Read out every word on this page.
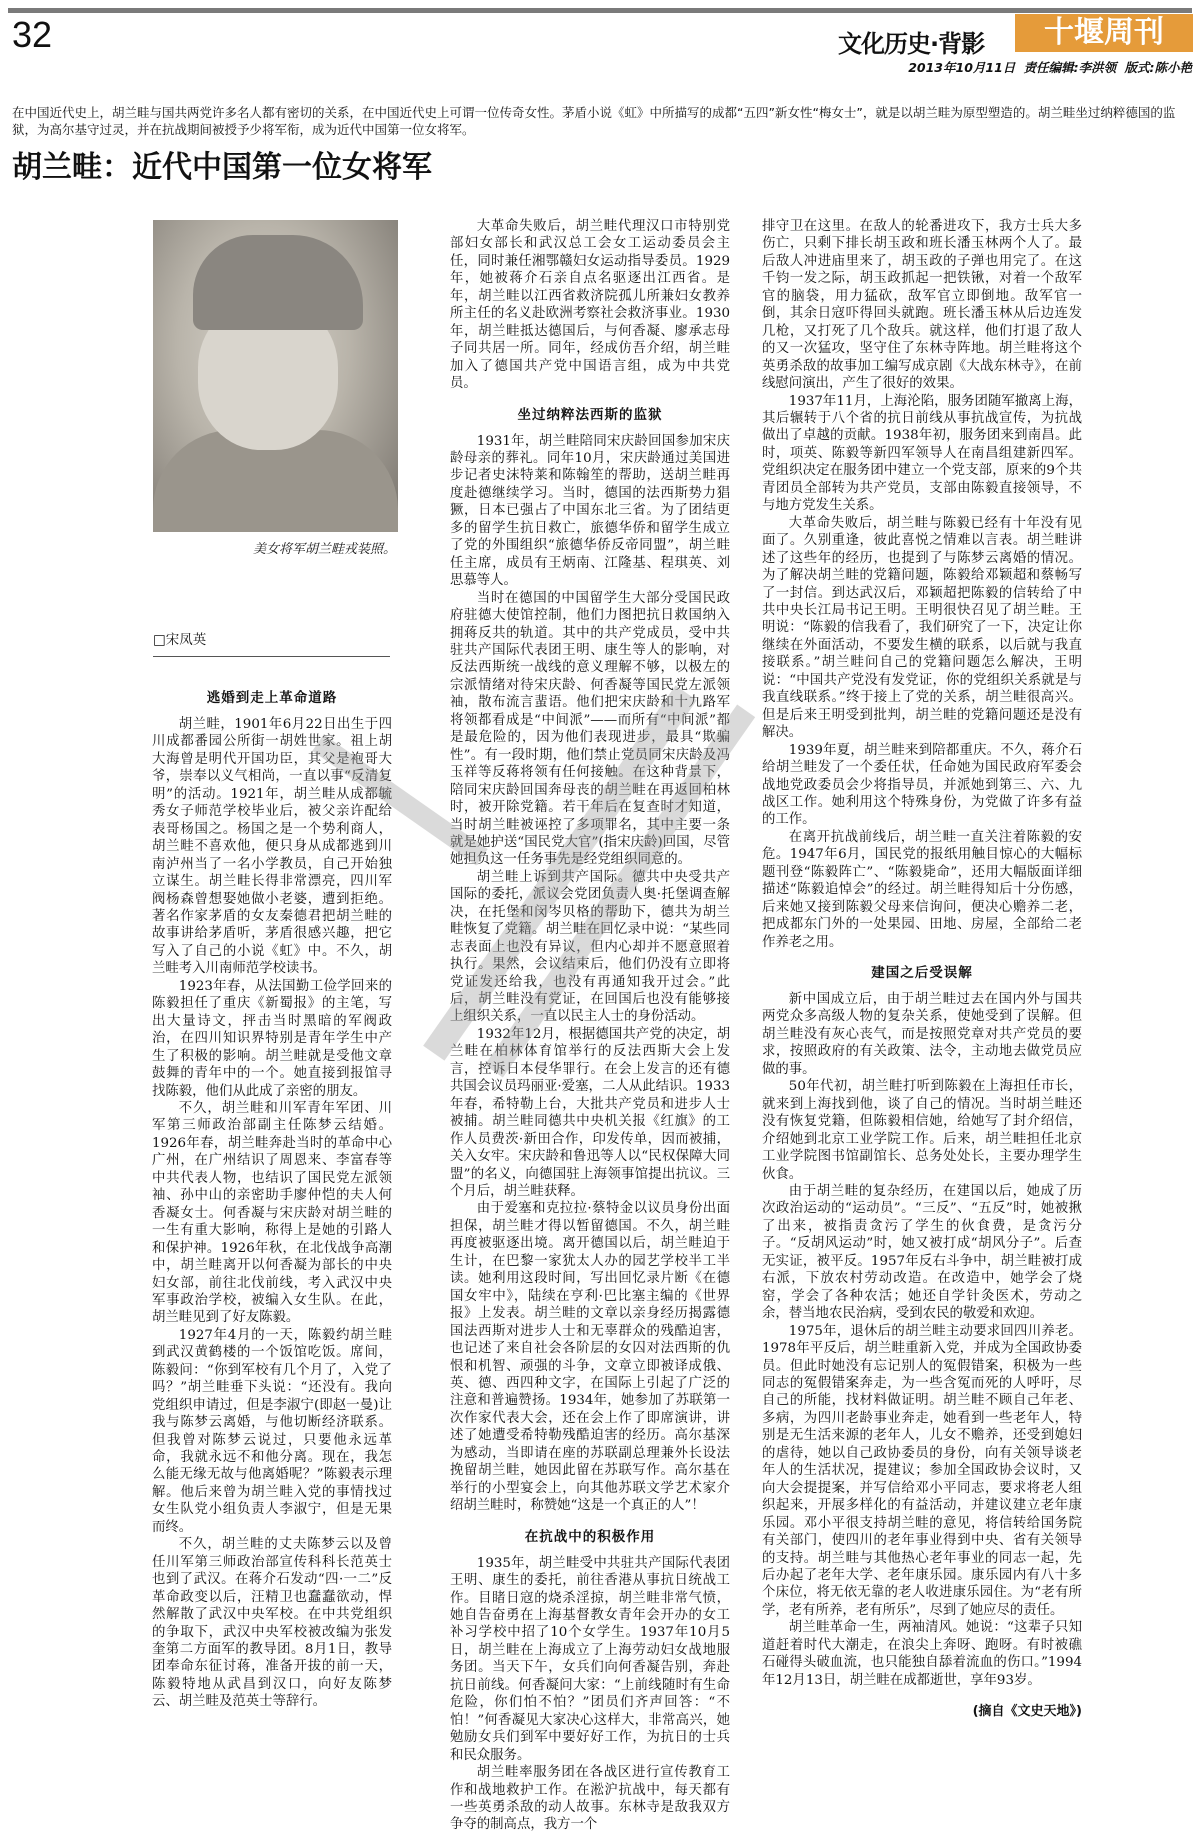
32	文化历史·背影	十堰周刊
2013年10月11日 责任编辑:李洪领 版式:陈小艳
在中国近代史上，胡兰畦与国共两党许多名人都有密切的关系，在中国近代史上可谓一位传奇女性。茅盾小说《虹》中所描写的成都“五四”新女性“梅女士”，就是以胡兰畦为原型塑造的。胡兰畦坐过纳粹德国的监狱，为高尔基守过灵，并在抗战期间被授予少将军衔，成为近代中国第一位女将军。
胡兰畦：近代中国第一位女将军
美女将军胡兰畦戎装照。
□宋凤英
逃婚到走上革命道路

胡兰畦，1901年6月22日出生于四川成都番园公所街一胡姓世家。祖上胡大海曾是明代开国功臣，其父是袍哥大爷，崇奉以义气相尚，一直以事“反清复明”的活动。1921年，胡兰畦从成都毓秀女子师范学校毕业后，被父亲许配给表哥杨国之。杨国之是一个势利商人，胡兰畦不喜欢他，便只身从成都逃到川南泸州当了一名小学教员，自己开始独立谋生。胡兰畦长得非常漂亮，四川军阀杨森曾想娶她做小老婆，遭到拒绝。著名作家茅盾的女友秦德君把胡兰畦的故事讲给茅盾听，茅盾很感兴趣，把它写入了自己的小说《虹》中。不久，胡兰畦考入川南师范学校读书。

1923年春，从法国勤工俭学回来的陈毅担任了重庆《新蜀报》的主笔，写出大量诗文，抨击当时黑暗的军阀政治，在四川知识界特别是青年学生中产生了积极的影响。胡兰畦就是受他文章鼓舞的青年中的一个。她直接到报馆寻找陈毅，他们从此成了亲密的朋友。

不久，胡兰畦和川军青年军团、川军第三师政治部副主任陈梦云结婚。1926年春，胡兰畦奔赴当时的革命中心广州，在广州结识了周恩来、李富春等中共代表人物，也结识了国民党左派领袖、孙中山的亲密助手廖仲恺的夫人何香凝女士。何香凝与宋庆龄对胡兰畦的一生有重大影响，称得上是她的引路人和保护神。1926年秋，在北伐战争高潮中，胡兰畦离开以何香凝为部长的中央妇女部，前往北伐前线，考入武汉中央军事政治学校，被编入女生队。在此，胡兰畦见到了好友陈毅。

1927年4月的一天，陈毅约胡兰畦到武汉黄鹤楼的一个饭馆吃饭。席间，陈毅问：“你到军校有几个月了，入党了吗？”胡兰畦垂下头说：“还没有。我向党组织申请过，但是李淑宁(即赵一曼)让我与陈梦云离婚，与他切断经济联系。但我曾对陈梦云说过，只要他永远革命，我就永远不和他分离。现在，我怎么能无缘无故与他离婚呢？”陈毅表示理解。他后来曾为胡兰畦入党的事情找过女生队党小组负责人李淑宁，但是无果而终。

不久，胡兰畦的丈夫陈梦云以及曾任川军第三师政治部宣传科科长范英士也到了武汉。在蒋介石发动“四·一二”反革命政变以后，汪精卫也蠢蠢欲动，悍然解散了武汉中央军校。在中共党组织的争取下，武汉中央军校被改编为张发奎第二方面军的教导团。8月1日，教导团奉命东征讨蒋，准备开拔的前一天，陈毅特地从武昌到汉口，向好友陈梦云、胡兰畦及范英士等辞行。

大革命失败后，胡兰畦代理汉口市特别党部妇女部长和武汉总工会女工运动委员会主任，同时兼任湘鄂赣妇女运动指导委员。1929年，她被蒋介石亲自点名驱逐出江西省。是年，胡兰畦以江西省救济院孤儿所兼妇女教养所主任的名义赴欧洲考察社会救济事业。1930年，胡兰畦抵达德国后，与何香凝、廖承志母子同共居一所。同年，经成仿吾介绍，胡兰畦加入了德国共产党中国语言组，成为中共党员。

坐过纳粹法西斯的监狱

1931年，胡兰畦陪同宋庆龄回国参加宋庆龄母亲的葬礼。同年10月，宋庆龄通过美国进步记者史沫特莱和陈翰笙的帮助，送胡兰畦再度赴德继续学习。当时，德国的法西斯势力猖獗，日本已强占了中国东北三省。为了团结更多的留学生抗日救亡，旅德华侨和留学生成立了党的外围组织“旅德华侨反帝同盟”，胡兰畦任主席，成员有王炳南、江隆基、程琪英、刘思慕等人。

当时在德国的中国留学生大部分受国民政府驻德大使馆控制，他们力图把抗日救国纳入拥蒋反共的轨道。其中的共产党成员，受中共驻共产国际代表团王明、康生等人的影响，对反法西斯统一战线的意义理解不够，以极左的宗派情绪对待宋庆龄、何香凝等国民党左派领袖，散布流言蜚语。他们把宋庆龄和十九路军将领都看成是“中间派”——而所有“中间派”都是最危险的，因为他们表现进步，最具“欺骗性”。有一段时期，他们禁止党员同宋庆龄及冯玉祥等反蒋将领有任何接触。在这种背景下，陪同宋庆龄回国奔母丧的胡兰畦在再返回柏林时，被开除党籍。若干年后在复查时才知道，当时胡兰畦被诬控了多项罪名，其中主要一条就是她护送“国民党大官”(指宋庆龄)回国，尽管她担负这一任务事先是经党组织同意的。

胡兰畦上诉到共产国际。德共中央受共产国际的委托，派议会党团负责人奥·托堡调查解决，在托堡和闵岑贝格的帮助下，德共为胡兰畦恢复了党籍。胡兰畦在回忆录中说：“某些同志表面上也没有异议，但内心却并不愿意照着执行。果然，会议结束后，他们仍没有立即将党证发还给我，也没有再通知我开过会。”此后，胡兰畦没有党证，在回国后也没有能够接上组织关系，一直以民主人士的身份活动。

1932年12月，根据德国共产党的决定，胡兰畦在柏林体育馆举行的反法西斯大会上发言，控诉日本侵华罪行。在会上发言的还有德共国会议员玛丽亚·爱塞，二人从此结识。1933年春，希特勒上台，大批共产党员和进步人士被捕。胡兰畦同德共中央机关报《红旗》的工作人员费茨·新田合作，印发传单，因而被捕，关入女牢。宋庆龄和鲁迅等人以“民权保障大同盟”的名义，向德国驻上海领事馆提出抗议。三个月后，胡兰畦获释。

由于爱塞和克拉拉·蔡特金以议员身份出面担保，胡兰畦才得以暂留德国。不久，胡兰畦再度被驱逐出境。离开德国以后，胡兰畦迫于生计，在巴黎一家犹太人办的园艺学校半工半读。她利用这段时间，写出回忆录片断《在德国女牢中》，陆续在亨利·巴比塞主编的《世界报》上发表。胡兰畦的文章以亲身经历揭露德国法西斯对进步人士和无辜群众的残酷迫害，也记述了来自社会各阶层的女囚对法西斯的仇恨和机智、顽强的斗争，文章立即被译成俄、英、德、西四种文字，在国际上引起了广泛的注意和普遍赞扬。1934年，她参加了苏联第一次作家代表大会，还在会上作了即席演讲，讲述了她遭受希特勒残酷迫害的经历。高尔基深为感动，当即请在座的苏联副总理兼外长设法挽留胡兰畦，她因此留在苏联写作。高尔基在举行的小型宴会上，向其他苏联文学艺术家介绍胡兰畦时，称赞她“这是一个真正的人”！

在抗战中的积极作用

1935年，胡兰畦受中共驻共产国际代表团王明、康生的委托，前往香港从事抗日统战工作。目睹日寇的烧杀淫掠，胡兰畦非常气愤，她自告奋勇在上海基督教女青年会开办的女工补习学校中招了10个女学生。1937年10月5日，胡兰畦在上海成立了上海劳动妇女战地服务团。当天下午，女兵们向何香凝告别，奔赴抗日前线。何香凝问大家：“上前线随时有生命危险，你们怕不怕？”团员们齐声回答：“不怕！”何香凝见大家决心这样大，非常高兴，她勉励女兵们到军中要好好工作，为抗日的士兵和民众服务。

胡兰畦率服务团在各战区进行宣传教育工作和战地救护工作。在淞沪抗战中，每天都有一些英勇杀敌的动人故事。东林寺是敌我双方争夺的制高点，我方一个

排守卫在这里。在敌人的轮番进攻下，我方士兵大多伤亡，只剩下排长胡玉政和班长潘玉林两个人了。最后敌人冲进庙里来了，胡玉政的子弹也用完了。在这千钧一发之际，胡玉政抓起一把铁锹，对着一个敌军官的脑袋，用力猛砍，敌军官立即倒地。敌军官一倒，其余日寇吓得回头就跑。班长潘玉林从后边连发几枪，又打死了几个敌兵。就这样，他们打退了敌人的又一次猛攻，坚守住了东林寺阵地。胡兰畦将这个英勇杀敌的故事加工编写成京剧《大战东林寺》，在前线慰问演出，产生了很好的效果。

1937年11月，上海沦陷，服务团随军撤离上海，其后辗转于八个省的抗日前线从事抗战宣传，为抗战做出了卓越的贡献。1938年初，服务团来到南昌。此时，项英、陈毅等新四军领导人在南昌组建新四军。党组织决定在服务团中建立一个党支部，原来的9个共青团员全部转为共产党员，支部由陈毅直接领导，不与地方党发生关系。

大革命失败后，胡兰畦与陈毅已经有十年没有见面了。久别重逢，彼此喜悦之情难以言表。胡兰畦讲述了这些年的经历，也提到了与陈梦云离婚的情况。为了解决胡兰畦的党籍问题，陈毅给邓颖超和蔡畅写了一封信。到达武汉后，邓颖超把陈毅的信转给了中共中央长江局书记王明。王明很快召见了胡兰畦。王明说：“陈毅的信我看了，我们研究了一下，决定让你继续在外面活动，不要发生横的联系，以后就与我直接联系。”胡兰畦问自己的党籍问题怎么解决，王明说：“中国共产党没有发党证，你的党组织关系就是与我直线联系。”终于接上了党的关系，胡兰畦很高兴。但是后来王明受到批判，胡兰畦的党籍问题还是没有解决。

1939年夏，胡兰畦来到陪都重庆。不久，蒋介石给胡兰畦发了一个委任状，任命她为国民政府军委会战地党政委员会少将指导员，并派她到第三、六、九战区工作。她利用这个特殊身份，为党做了许多有益的工作。

在离开抗战前线后，胡兰畦一直关注着陈毅的安危。1947年6月，国民党的报纸用触目惊心的大幅标题刊登“陈毅阵亡”、“陈毅毙命”，还用大幅版面详细描述“陈毅追悼会”的经过。胡兰畦得知后十分伤感，后来她又接到陈毅父母来信询问，便决心赡养二老，把成都东门外的一处果园、田地、房屋，全部给二老作养老之用。

建国之后受误解

新中国成立后，由于胡兰畦过去在国内外与国共两党众多高级人物的复杂关系，使她受到了误解。但胡兰畦没有灰心丧气，而是按照党章对共产党员的要求，按照政府的有关政策、法令，主动地去做党员应做的事。

50年代初，胡兰畦打听到陈毅在上海担任市长，就来到上海找到他，谈了自己的情况。当时胡兰畦还没有恢复党籍，但陈毅相信她，给她写了封介绍信，介绍她到北京工业学院工作。后来，胡兰畦担任北京工业学院图书馆副馆长、总务处处长，主要办理学生伙食。

由于胡兰畦的复杂经历，在建国以后，她成了历次政治运动的“运动员”。“三反”、“五反”时，她被揪了出来，被指责贪污了学生的伙食费，是贪污分子。“反胡风运动”时，她又被打成“胡风分子”。后查无实证，被平反。1957年反右斗争中，胡兰畦被打成右派，下放农村劳动改造。在改造中，她学会了烧窑，学会了各种农活；她还自学针灸医术，劳动之余，替当地农民治病，受到农民的敬爱和欢迎。

1975年，退休后的胡兰畦主动要求回四川养老。1978年平反后，胡兰畦重新入党，并成为全国政协委员。但此时她没有忘记别人的冤假错案，积极为一些同志的冤假错案奔走，为一些含冤而死的人呼吁，尽自己的所能，找材料做证明。胡兰畦不顾自己年老、多病，为四川老龄事业奔走，她看到一些老年人，特别是无生活来源的老年人，儿女不赡养，还受到媳妇的虐待，她以自己政协委员的身份，向有关领导谈老年人的生活状况，提建议；参加全国政协会议时，又向大会提提案，并写信给邓小平同志，要求将老人组织起来，开展多样化的有益活动，并建议建立老年康乐园。邓小平很支持胡兰畦的意见，将信转给国务院有关部门，使四川的老年事业得到中央、省有关领导的支持。胡兰畦与其他热心老年事业的同志一起，先后办起了老年大学、老年康乐园。康乐园内有八十多个床位，将无依无靠的老人收进康乐园住。为“老有所学，老有所养，老有所乐”，尽到了她应尽的责任。

胡兰畦革命一生，两袖清风。她说：“这辈子只知道赶着时代大潮走，在浪尖上奔呀、跑呀。有时被礁石碰得头破血流，也只能独自舔着流血的伤口。”1994年12月13日，胡兰畦在成都逝世，享年93岁。

(摘自《文史天地》)
